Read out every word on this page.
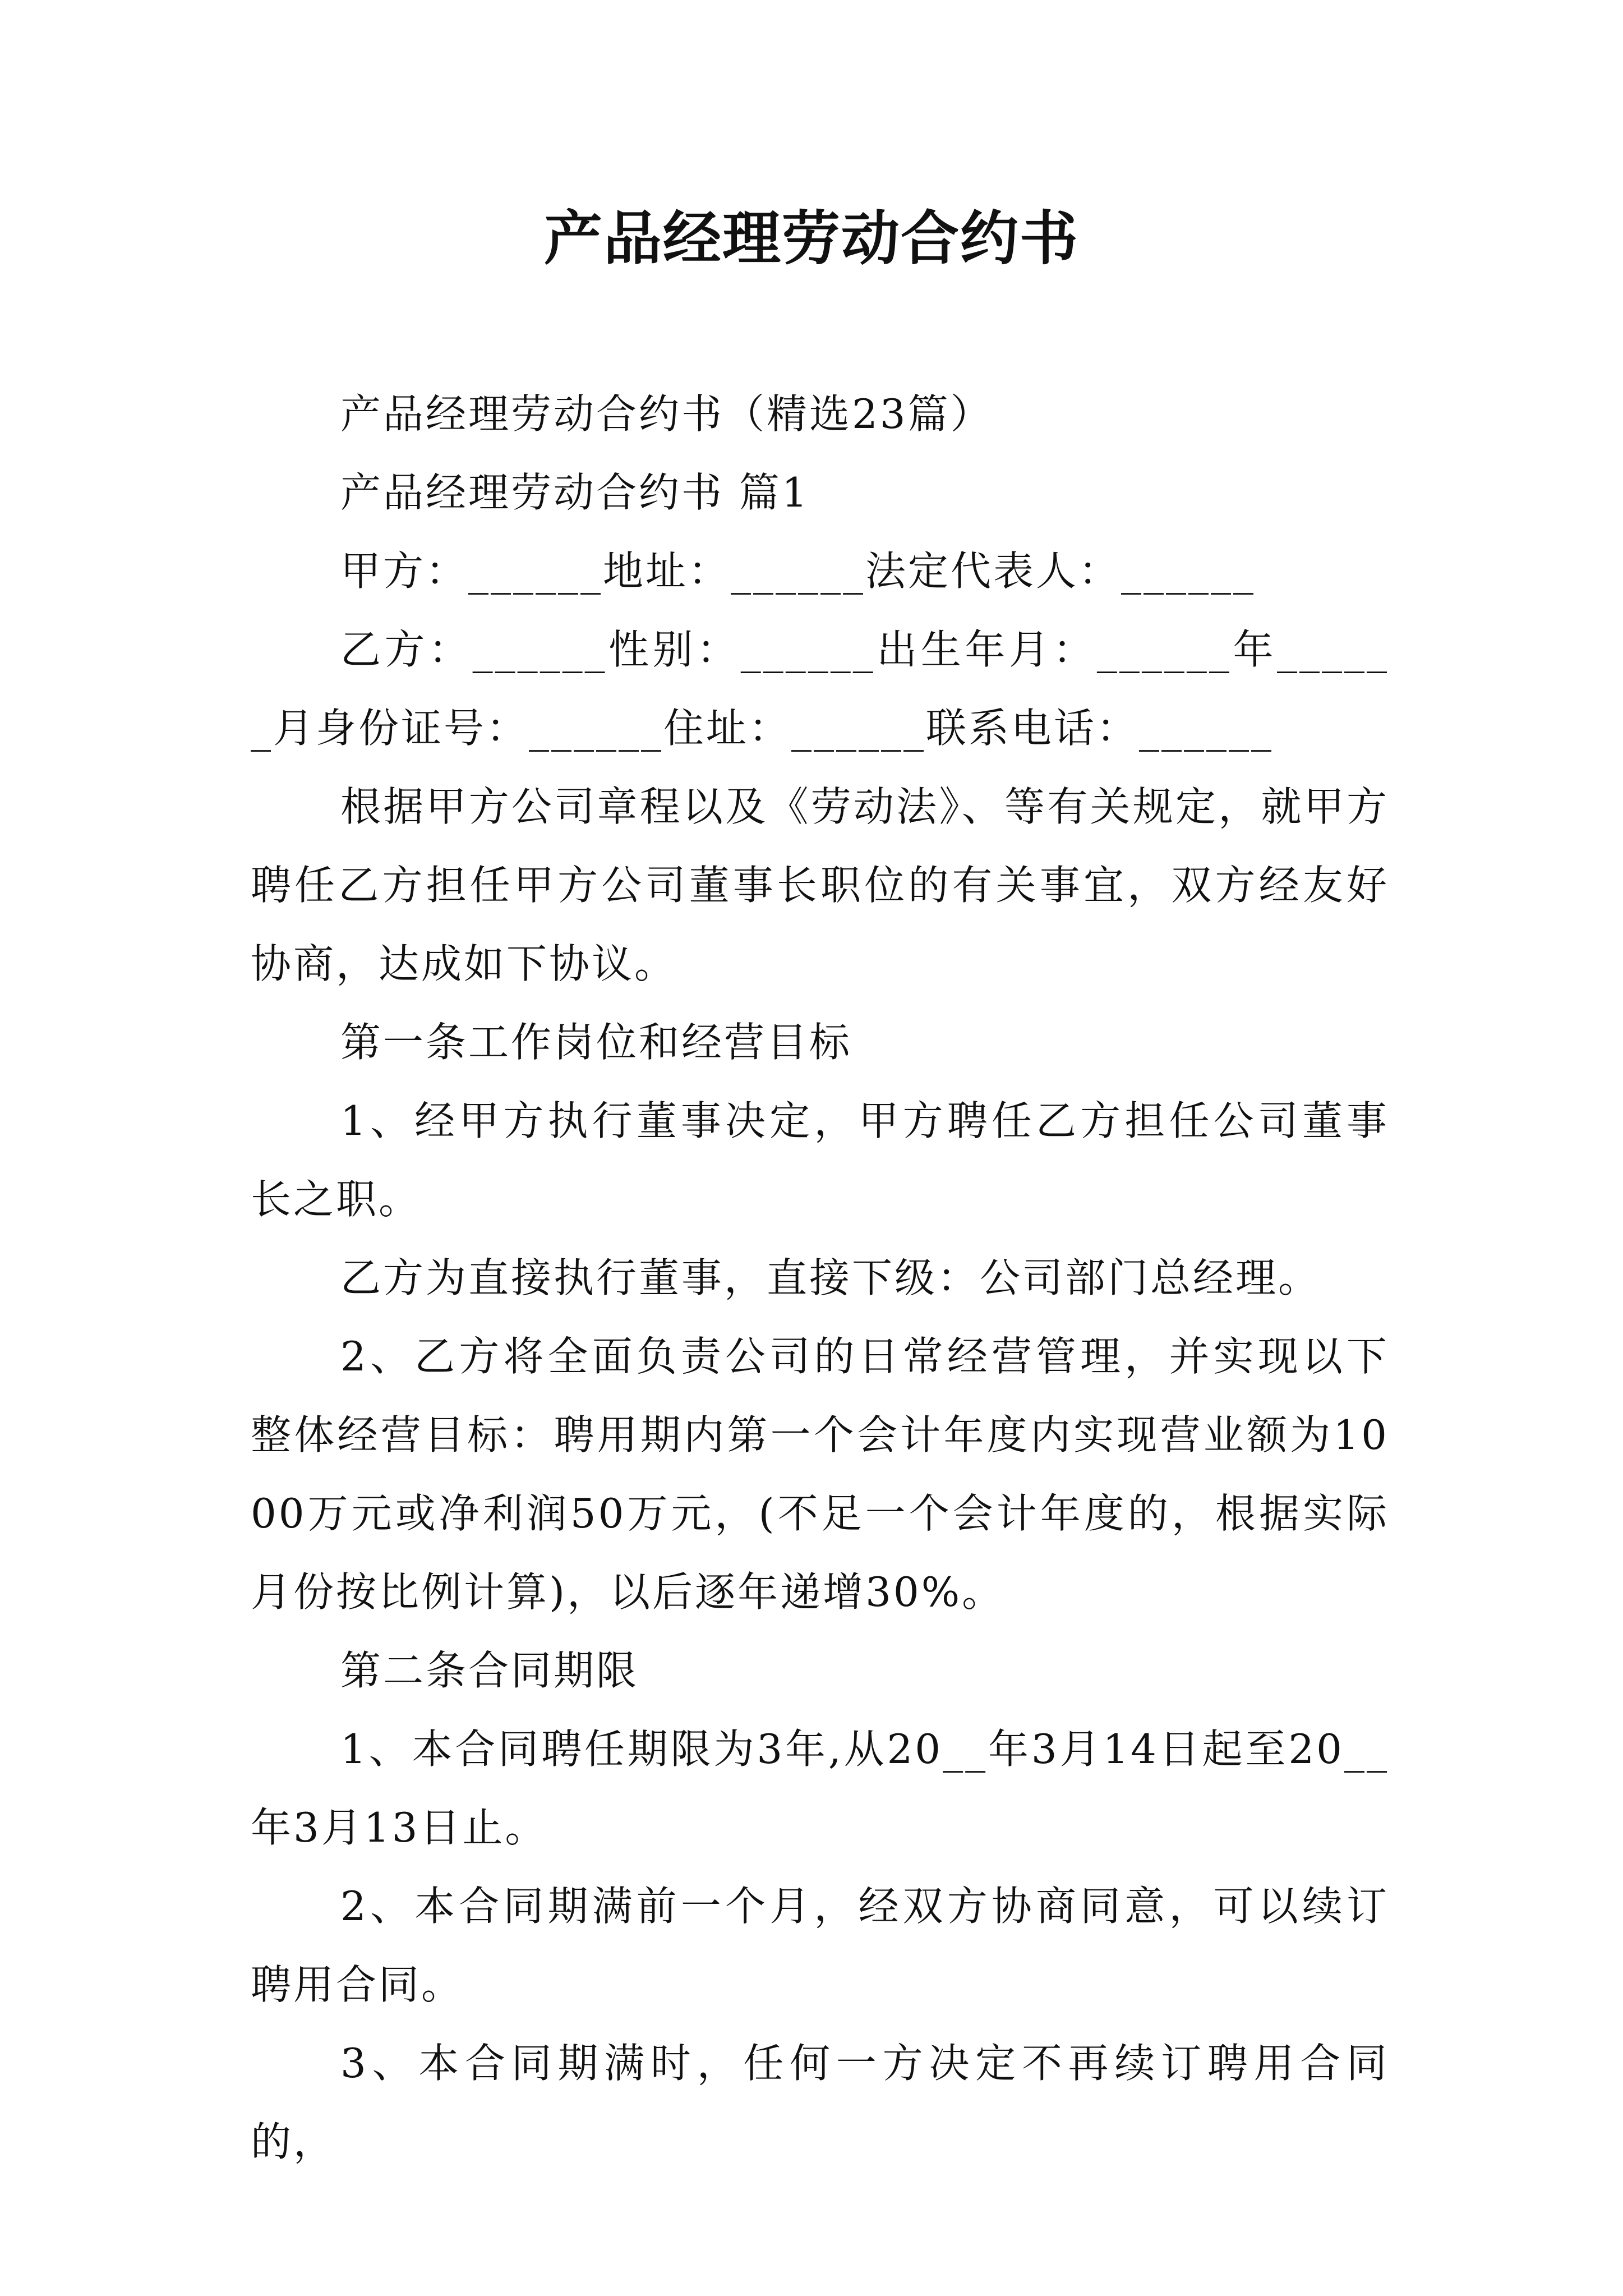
产品经理劳动合约书

产品经理劳动合约书（精选23篇）

产品经理劳动合约书 篇1

甲方：______地址：______法定代表人：______

乙方：______性别：______出生年月：______年______月身份证号：______住址：______联系电话：______

根据甲方公司章程以及《劳动法》、等有关规定，就甲方聘任乙方担任甲方公司董事长职位的有关事宜，双方经友好协商，达成如下协议。

第一条工作岗位和经营目标

1、经甲方执行董事决定，甲方聘任乙方担任公司董事长之职。

乙方为直接执行董事，直接下级：公司部门总经理。

2、乙方将全面负责公司的日常经营管理，并实现以下整体经营目标：聘用期内第一个会计年度内实现营业额为1000万元或净利润50万元，(不足一个会计年度的，根据实际月份按比例计算)，以后逐年递增30%。

第二条合同期限

1、本合同聘任期限为3年,从20__年3月14日起至20__年3月13日止。

2、本合同期满前一个月，经双方协商同意，可以续订聘用合同。

3、本合同期满时，任何一方决定不再续订聘用合同的，
